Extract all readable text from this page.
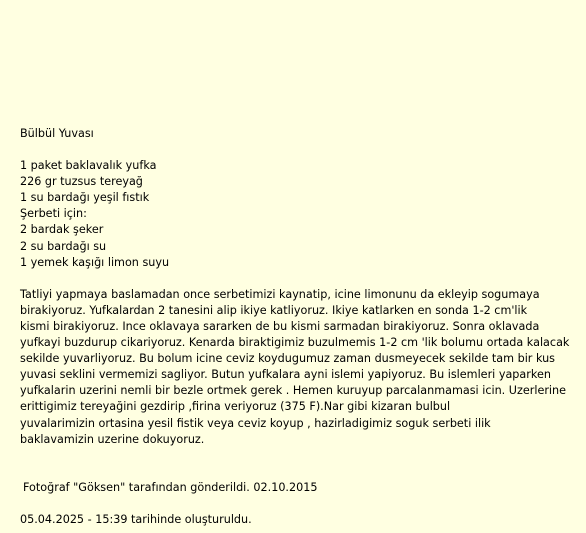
Bülbül Yuvası
1 paket baklavalık yufka
226 gr tuzsus tereyağ
1 su bardağı yeşil fıstık
Şerbeti için:
2 bardak şeker
2 su bardağı su
1 yemek kaşığı limon suyu
Tatliyi yapmaya baslamadan once serbetimizi kaynatip, icine limonunu da ekleyip sogumaya
birakiyoruz. Yufkalardan 2 tanesini alip ikiye katliyoruz. Ikiye katlarken en sonda 1-2 cm'lik
kismi birakiyoruz. Ince oklavaya sararken de bu kismi sarmadan birakiyoruz. Sonra oklavada
yufkayi buzdurup cikariyoruz. Kenarda biraktigimiz buzulmemis 1-2 cm 'lik bolumu ortada kalacak
sekilde yuvarliyoruz. Bu bolum icine ceviz koydugumuz zaman dusmeyecek sekilde tam bir kus
yuvasi seklini vermemizi sagliyor. Butun yufkalara ayni islemi yapiyoruz. Bu islemleri yaparken
yufkalarin uzerini nemli bir bezle ortmek gerek . Hemen kuruyup parcalanmamasi icin. Uzerlerine
erittigimiz tereyağini gezdirip ,firina veriyoruz (375 F).Nar gibi kizaran bulbul
yuvalarimizin ortasina yesil fistik veya ceviz koyup , hazirladigimiz soguk serbeti ilik
baklavamizin uzerine dokuyoruz.
Fotoğraf "Göksen" tarafından gönderildi. 02.10.2015
05.04.2025 - 15:39 tarihinde oluşturuldu.
